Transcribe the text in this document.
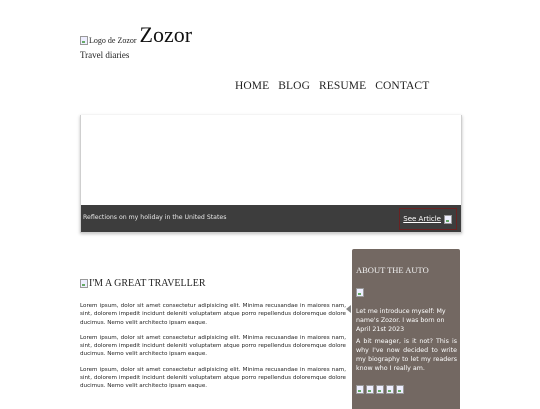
Logo de Zozor Zozor
Travel diaries
HOME BLOG RESUME CONTACT
Reflections on my holiday in the United States	See Article
I'M A GREAT TRAVELLER

Lorem ipsum, dolor sit amet consectetur adipisicing elit. Minima recusandae in maiores nam, sint, dolorem impedit incidunt deleniti voluptatem atque porro repellendus doloremque dolore ducimus. Nemo velit architecto ipsam eaque.

Lorem ipsum, dolor sit amet consectetur adipisicing elit. Minima recusandae in maiores nam, sint, dolorem impedit incidunt deleniti voluptatem atque porro repellendus doloremque dolore ducimus. Nemo velit architecto ipsam eaque.

Lorem ipsum, dolor sit amet consectetur adipisicing elit. Minima recusandae in maiores nam, sint, dolorem impedit incidunt deleniti voluptatem atque porro repellendus doloremque dolore ducimus. Nemo velit architecto ipsam eaque.

ABOUT THE AUTO
Let me introduce myself: My name's Zozor. I was born on April 21st 2023
A bit meager, is it not? This is why I've now decided to write my biography to let my readers know who I really am.
